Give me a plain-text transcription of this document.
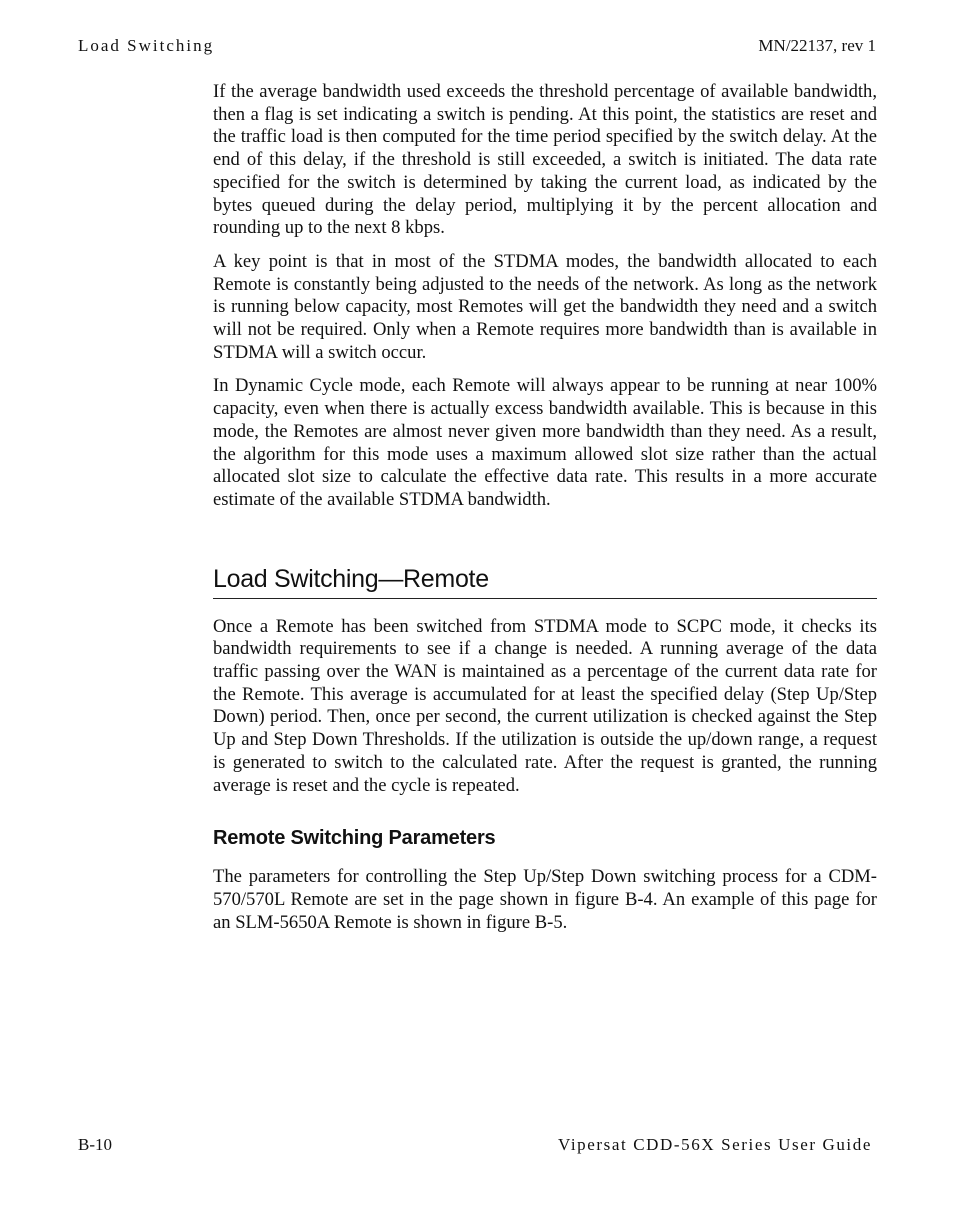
Load Switching	MN/22137, rev 1

If the average bandwidth used exceeds the threshold percentage of available bandwidth, then a flag is set indicating a switch is pending. At this point, the statistics are reset and the traffic load is then computed for the time period specified by the switch delay. At the end of this delay, if the threshold is still exceeded, a switch is initiated. The data rate specified for the switch is determined by taking the current load, as indicated by the bytes queued during the delay period, multiplying it by the percent allocation and rounding up to the next 8 kbps.

A key point is that in most of the STDMA modes, the bandwidth allocated to each Remote is constantly being adjusted to the needs of the network. As long as the network is running below capacity, most Remotes will get the bandwidth they need and a switch will not be required. Only when a Remote requires more bandwidth than is available in STDMA will a switch occur.

In Dynamic Cycle mode, each Remote will always appear to be running at near 100% capacity, even when there is actually excess bandwidth available. This is because in this mode, the Remotes are almost never given more bandwidth than they need. As a result, the algorithm for this mode uses a maximum allowed slot size rather than the actual allocated slot size to calculate the effective data rate. This results in a more accurate estimate of the available STDMA bandwidth.

Load Switching—Remote

Once a Remote has been switched from STDMA mode to SCPC mode, it checks its bandwidth requirements to see if a change is needed. A running average of the data traffic passing over the WAN is maintained as a percentage of the current data rate for the Remote. This average is accumulated for at least the specified delay (Step Up/Step Down) period. Then, once per second, the current utilization is checked against the Step Up and Step Down Thresholds. If the utilization is outside the up/down range, a request is generated to switch to the calculated rate. After the request is granted, the running average is reset and the cycle is repeated.

Remote Switching Parameters

The parameters for controlling the Step Up/Step Down switching process for a CDM-570/570L Remote are set in the page shown in figure B-4. An example of this page for an SLM-5650A Remote is shown in figure B-5.

B-10	Vipersat CDD-56X Series User Guide
